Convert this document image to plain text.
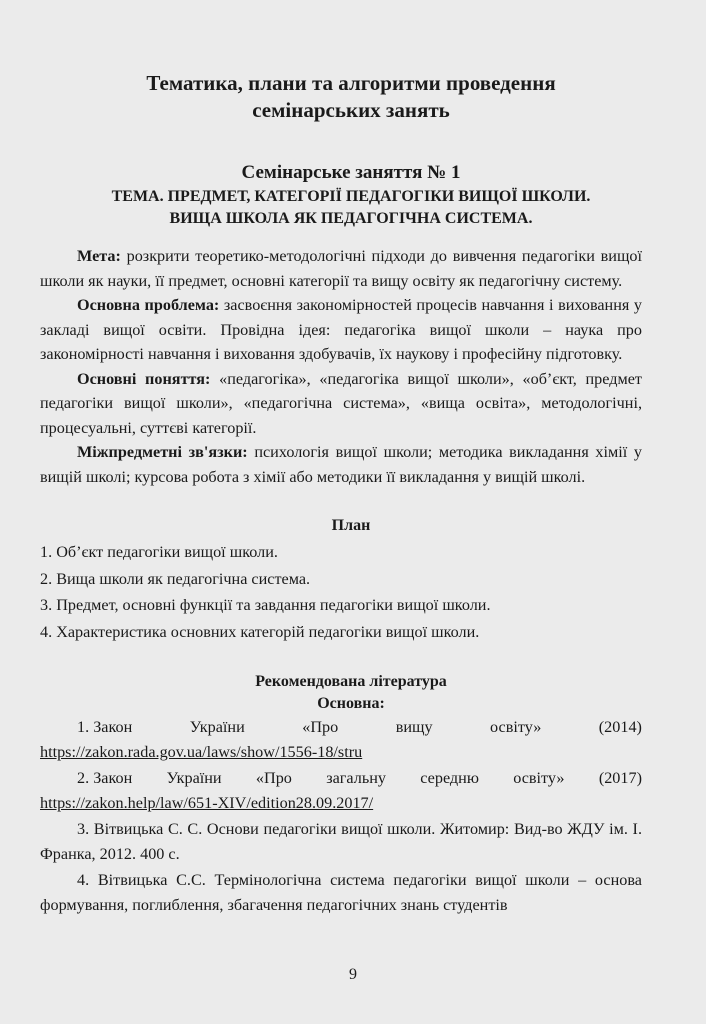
Тематика, плани та алгоритми проведення
семінарських занять
Семінарське заняття № 1
ТЕМА. ПРЕДМЕТ, КАТЕГОРІЇ ПЕДАГОГІКИ ВИЩОЇ ШКОЛИ.
ВИЩА ШКОЛА ЯК ПЕДАГОГІЧНА СИСТЕМА.

Мета: розкрити теоретико-методологічні підходи до вивчення педагогіки вищої школи як науки, її предмет, основні категорії та вищу освіту як педагогічну систему.

Основна проблема: засвоєння закономірностей процесів навчання і виховання у закладі вищої освіти. Провідна ідея: педагогіка вищої школи – наука про закономірності навчання і виховання здобувачів, їх наукову і професійну підготовку.

Основні поняття: «педагогіка», «педагогіка вищої школи», «об’єкт, предмет педагогіки вищої школи», «педагогічна система», «вища освіта», методологічні, процесуальні, суттєві категорії.

Міжпредметні зв'язки: психологія вищої школи; методика викладання хімії у вищій школі; курсова робота з хімії або методики її викладання у вищій школі.

План
1. Об’єкт педагогіки вищої школи.
2. Вища школи як педагогічна система.
3. Предмет, основні функції та завдання педагогіки вищої школи.
4. Характеристика основних категорій педагогіки вищої школи.
Рекомендована література
Основна:
1. Закон	України	«Про	вищу	освіту»	(2014)
https://zakon.rada.gov.ua/laws/show/1556-18/stru
2. Закон України «Про загальну середню освіту» (2017)
https://zakon.help/law/651-XIV/edition28.09.2017/

3. Вітвицька С. С. Основи педагогіки вищої школи. Житомир: Вид-во ЖДУ ім. І. Франка, 2012. 400 с.

4. Вітвицька С.С. Термінологічна система педагогіки вищої школи – основа формування, поглиблення, збагачення педагогічних знань студентів

9
